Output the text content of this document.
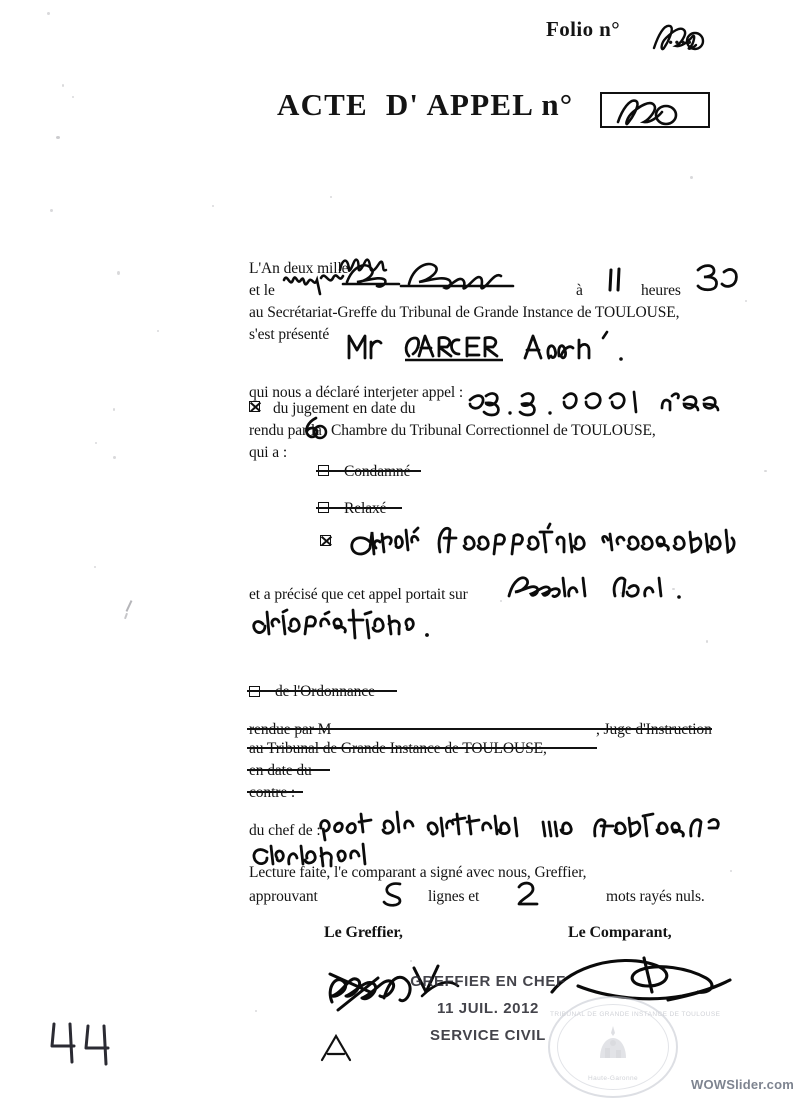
Folio n° ....
ACTE  D' APPEL n°
L'An deux mille
et le	à	heures
au Secrétariat-Greffe du Tribunal de Grande Instance de TOULOUSE,
s'est présenté
qui nous a déclaré interjeter appel :
du jugement en date du
rendu par la Chambre du Tribunal Correctionnel de TOULOUSE,
qui a :
et a précisé que cet appel portait sur
du chef de :
Lecture faite, l'e comparant a signé avec nous, Greffier,
approuvant	lignes et	mots rayés nuls.
Le Greffier,	Le Comparant,
GREFFIER EN CHEF
11 JUIL. 2012
SERVICE CIVIL
TRIBUNAL DE GRANDE INSTANCE DE TOULOUSE
Haute-Garonne	WOWSlider.com
